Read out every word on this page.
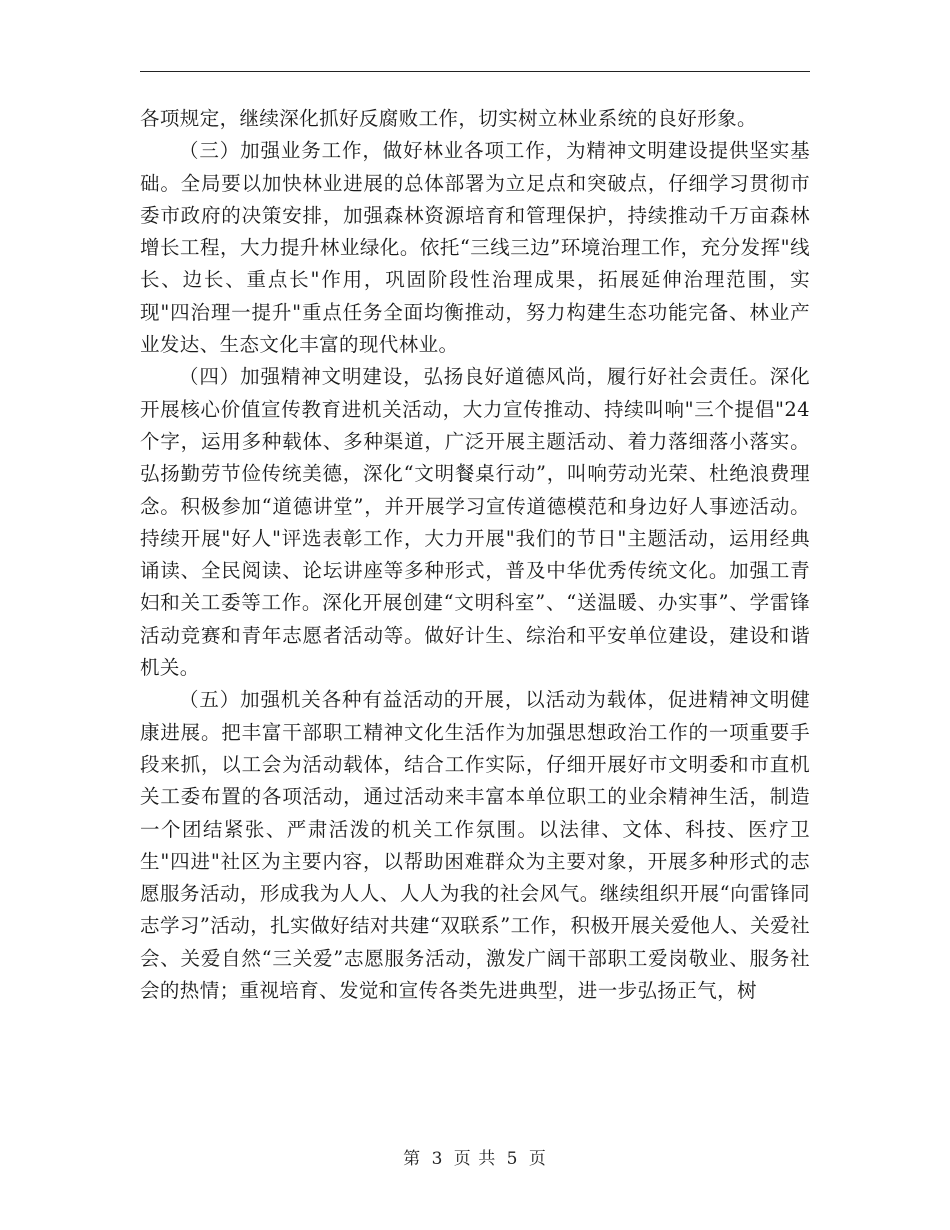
各项规定，继续深化抓好反腐败工作，切实树立林业系统的良好形象。

（三）加强业务工作，做好林业各项工作，为精神文明建设提供坚实基础。全局要以加快林业进展的总体部署为立足点和突破点，仔细学习贯彻市委市政府的决策安排，加强森林资源培育和管理保护，持续推动千万亩森林增长工程，大力提升林业绿化。依托“三线三边”环境治理工作，充分发挥"线长、边长、重点长"作用，巩固阶段性治理成果，拓展延伸治理范围，实现"四治理一提升"重点任务全面均衡推动，努力构建生态功能完备、林业产业发达、生态文化丰富的现代林业。

（四）加强精神文明建设，弘扬良好道德风尚，履行好社会责任。深化开展核心价值宣传教育进机关活动，大力宣传推动、持续叫响"三个提倡"24个字，运用多种载体、多种渠道，广泛开展主题活动、着力落细落小落实。弘扬勤劳节俭传统美德，深化“文明餐桌行动”，叫响劳动光荣、杜绝浪费理念。积极参加“道德讲堂”，并开展学习宣传道德模范和身边好人事迹活动。持续开展"好人"评选表彰工作，大力开展"我们的节日"主题活动，运用经典诵读、全民阅读、论坛讲座等多种形式，普及中华优秀传统文化。加强工青妇和关工委等工作。深化开展创建“文明科室”、“送温暖、办实事”、学雷锋活动竞赛和青年志愿者活动等。做好计生、综治和平安单位建设，建设和谐机关。

（五）加强机关各种有益活动的开展，以活动为载体，促进精神文明健康进展。把丰富干部职工精神文化生活作为加强思想政治工作的一项重要手段来抓，以工会为活动载体，结合工作实际，仔细开展好市文明委和市直机关工委布置的各项活动，通过活动来丰富本单位职工的业余精神生活，制造一个团结紧张、严肃活泼的机关工作氛围。以法律、文体、科技、医疗卫生"四进"社区为主要内容，以帮助困难群众为主要对象，开展多种形式的志愿服务活动，形成我为人人、人人为我的社会风气。继续组织开展“向雷锋同志学习”活动，扎实做好结对共建“双联系”工作，积极开展关爱他人、关爱社会、关爱自然“三关爱”志愿服务活动，激发广阔干部职工爱岗敬业、服务社会的热情；重视培育、发觉和宣传各类先进典型，进一步弘扬正气，树

第 3 页 共 5 页
